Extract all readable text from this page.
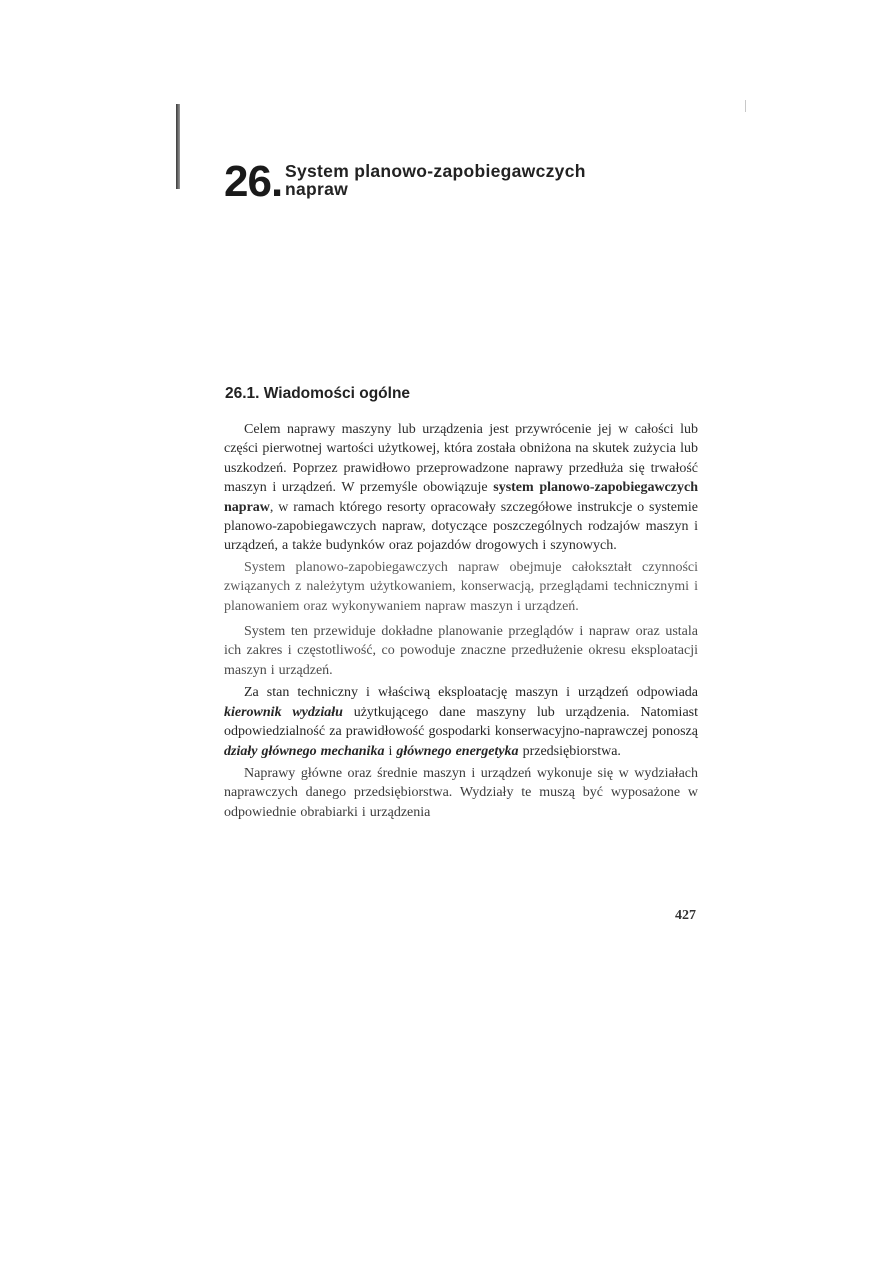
26. System planowo-zapobiegawczych
napraw
26.1. Wiadomości ogólne

Celem naprawy maszyny lub urządzenia jest przywrócenie jej w całości lub części pierwotnej wartości użytkowej, która została obniżona na skutek zużycia lub uszkodzeń. Poprzez prawidłowo przeprowadzone naprawy przedłuża się trwałość maszyn i urządzeń. W przemyśle obowiązuje system planowo-zapobiegawczych napraw, w ramach którego resorty opracowały szczegółowe instrukcje o systemie planowo-zapobiegawczych napraw, dotyczące poszczególnych rodzajów maszyn i urządzeń, a także budynków oraz pojazdów drogowych i szynowych.

System planowo-zapobiegawczych napraw obejmuje całokształt czynności związanych z należytym użytkowaniem, konserwacją, przeglądami technicznymi i planowaniem oraz wykonywaniem napraw maszyn i urządzeń.

System ten przewiduje dokładne planowanie przeglądów i napraw oraz ustala ich zakres i częstotliwość, co powoduje znaczne przedłużenie okresu eksploatacji maszyn i urządzeń.

Za stan techniczny i właściwą eksploatację maszyn i urządzeń odpowiada kierownik wydziału użytkującego dane maszyny lub urządzenia. Natomiast odpowiedzialność za prawidłowość gospodarki konserwacyjno-naprawczej ponoszą działy głównego mechanika i głównego energetyka przedsiębiorstwa.

Naprawy główne oraz średnie maszyn i urządzeń wykonuje się w wydziałach naprawczych danego przedsiębiorstwa. Wydziały te muszą być wyposażone w odpowiednie obrabiarki i urządzenia

427
